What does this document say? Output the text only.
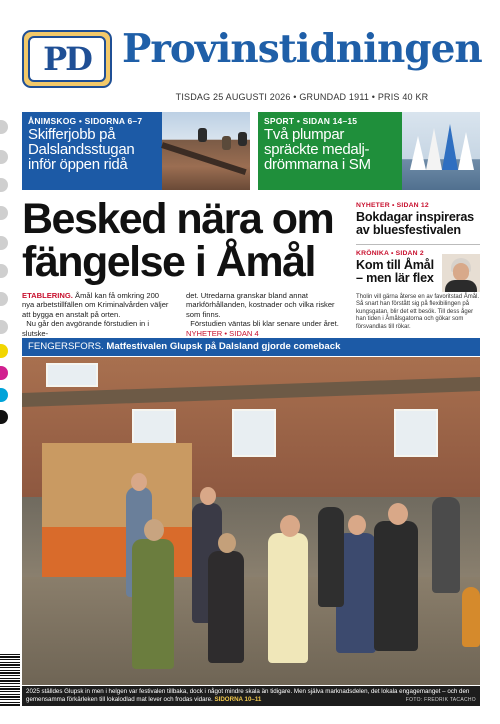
PD Provinstidningen
TISDAG 25 AUGUSTI 2026 • GRUNDAD 1911 • PRIS 40 KR
ÅNIMSKOG • SIDORNA 6–7
Skifferjobb på Dalslandsstugan inför öppen ridå
SPORT • SIDAN 14–15
Två plumpar spräckte medalj-drömmarna i SM
Besked nära om fängelse i Åmål
ETABLERING. Åmål kan få omkring 200 nya arbetstillfällen om Kriminalvården väljer att bygga en anstalt på orten.
Nu går den avgörande förstudien in i slutske-
det. Utredarna granskar bland annat markförhållanden, kostnader och vilka risker som finns.
Förstudien väntas bli klar senare under året.
NYHETER • SIDAN 4
NYHETER • SIDAN 12
Bokdagar inspireras av bluesfestivalen
KRÖNIKA • SIDAN 2
Kom till Åmål – men lär flex
Tholin vill gärna återse en av favoritstad Åmål. Så snart han förstått sig på flexibilingen på kungsgatan, blir det ett besök. Till dess åger han tiden i Åmålsgatorna och gökar som försvandlas till rökar.
FENGERSFORS. Matfestivalen Glupsk på Dalsland gjorde comeback
2025 ställdes Glupsk in men i helgen var festivalen tillbaka, dock i något mindre skala än tidigare. Men själva marknadsdelen, det lokala engagemanget – och den gemensamma förkärleken till lokalodlad mat lever och frodas vidare. SIDORNA 10–11	FOTO: FREDRIK TACACHO
